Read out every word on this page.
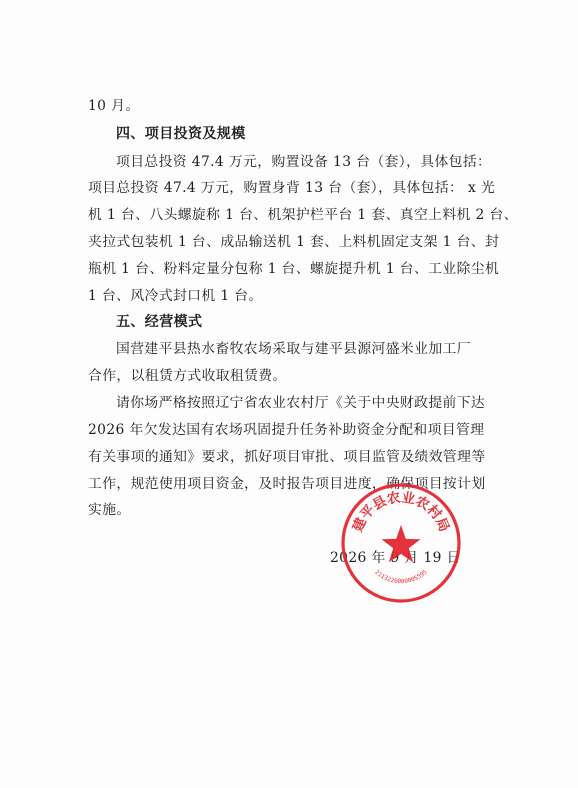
10 月。
四、项目投资及规模
项目总投资 47.4 万元，购置设备 13 台（套），具体包括：
项目总投资 47.4 万元，购置身背 13 台（套），具体包括： x 光
机 1 台、八头螺旋称 1 台、机架护栏平台 1 套、真空上料机 2 台、
夹拉式包装机 1 台、成品输送机 1 套、上料机固定支架 1 台、封
瓶机 1 台、粉料定量分包称 1 台、螺旋提升机 1 台、工业除尘机
1 台、风冷式封口机 1 台。
五、经营模式
国营建平县热水畜牧农场采取与建平县源河盛米业加工厂
合作，以租赁方式收取租赁费。
请你场严格按照辽宁省农业农村厅《关于中央财政提前下达
2026 年欠发达国有农场巩固提升任务补助资金分配和项目管理
有关事项的通知》要求，抓好项目审批、项目监管及绩效管理等
工作，规范使用项目资金，及时报告项目进度，确保项目按计划
实施。
2026 年 9 月 19 日
建平县农业农村局
2113220000005595
